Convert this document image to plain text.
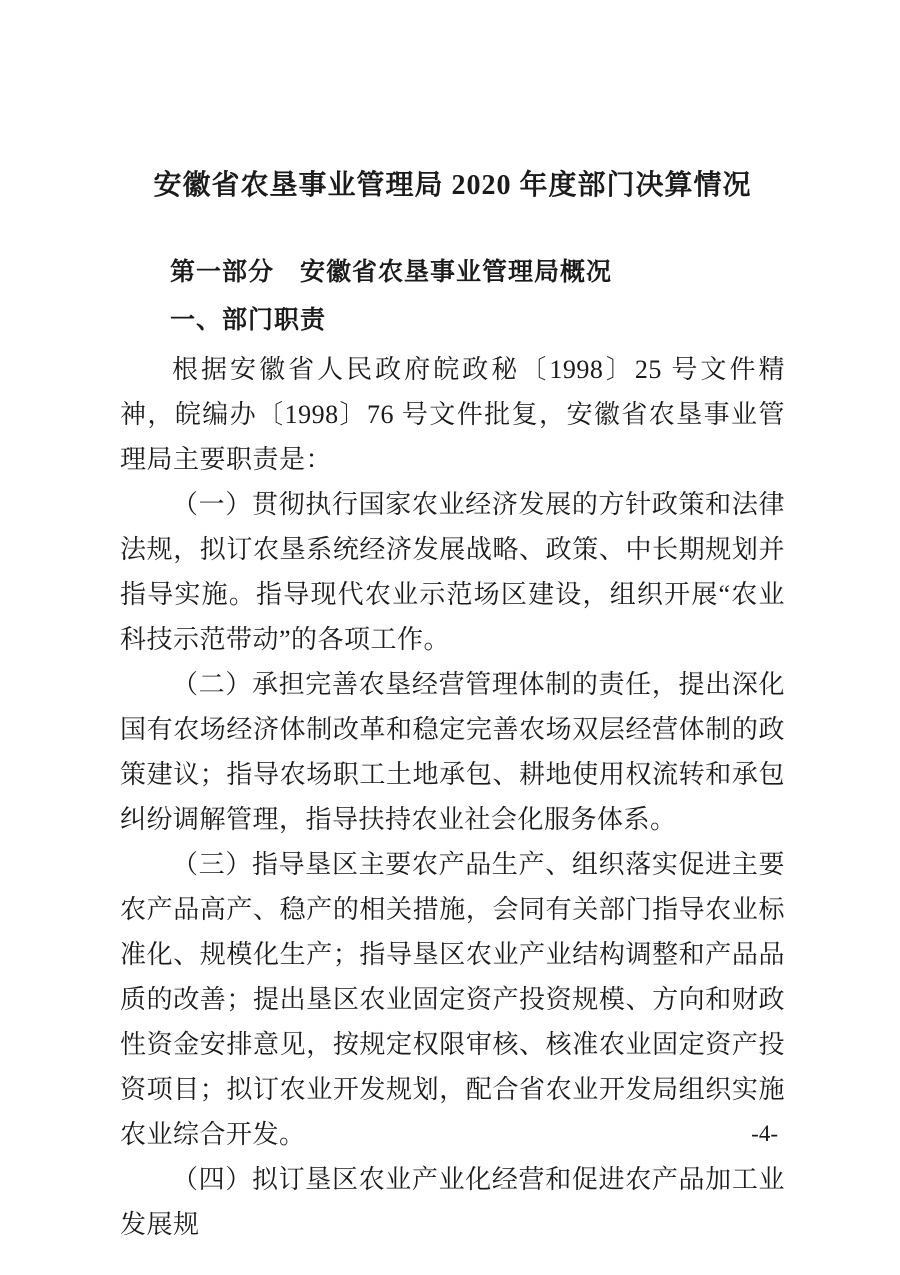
安徽省农垦事业管理局 2020 年度部门决算情况
第一部分　安徽省农垦事业管理局概况
一、部门职责

根据安徽省人民政府皖政秘〔1998〕25 号文件精神，皖编办〔1998〕76 号文件批复，安徽省农垦事业管理局主要职责是：

（一）贯彻执行国家农业经济发展的方针政策和法律法规，拟订农垦系统经济发展战略、政策、中长期规划并指导实施。指导现代农业示范场区建设，组织开展“农业科技示范带动”的各项工作。

（二）承担完善农垦经营管理体制的责任，提出深化国有农场经济体制改革和稳定完善农场双层经营体制的政策建议；指导农场职工土地承包、耕地使用权流转和承包纠纷调解管理，指导扶持农业社会化服务体系。

（三）指导垦区主要农产品生产、组织落实促进主要农产品高产、稳产的相关措施，会同有关部门指导农业标准化、规模化生产；指导垦区农业产业结构调整和产品品质的改善；提出垦区农业固定资产投资规模、方向和财政性资金安排意见，按规定权限审核、核准农业固定资产投资项目；拟订农业开发规划，配合省农业开发局组织实施农业综合开发。

（四）拟订垦区农业产业化经营和促进农产品加工业发展规

-4-
